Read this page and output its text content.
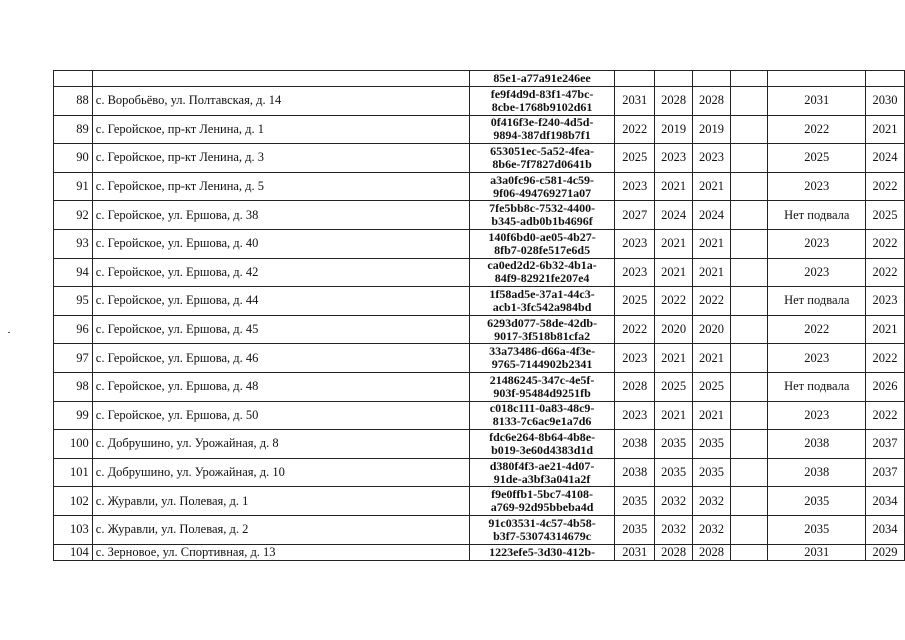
		85e1-a77a91e246ee						

88	с. Воробьёво, ул. Полтавская, д. 14	fe9f4d9d-83f1-47bc-
8cbe-1768b9102d61	2031	2028	2028		2031	2030
89	с. Геройское, пр-кт Ленина, д. 1	0f416f3e-f240-4d5d-
9894-387df198b7f1	2022	2019	2019		2022	2021
90	с. Геройское, пр-кт Ленина, д. 3	653051ec-5a52-4fea-
8b6e-7f7827d0641b	2025	2023	2023		2025	2024
91	с. Геройское, пр-кт Ленина, д. 5	a3a0fc96-c581-4c59-
9f06-494769271a07	2023	2021	2021		2023	2022
92	с. Геройское, ул. Ершова, д. 38	7fe5bb8c-7532-4400-
b345-adb0b1b4696f	2027	2024	2024		Нет подвала	2025
93	с. Геройское, ул. Ершова, д. 40	140f6bd0-ae05-4b27-
8fb7-028fe517e6d5	2023	2021	2021		2023	2022
94	с. Геройское, ул. Ершова, д. 42	ca0ed2d2-6b32-4b1a-
84f9-82921fe207e4	2023	2021	2021		2023	2022
95	с. Геройское, ул. Ершова, д. 44	1f58ad5e-37a1-44c3-
acb1-3fc542a984bd	2025	2022	2022		Нет подвала	2023
96	с. Геройское, ул. Ершова, д. 45	6293d077-58de-42db-
9017-3f518b81cfa2	2022	2020	2020		2022	2021
97	с. Геройское, ул. Ершова, д. 46	33a73486-d66a-4f3e-
9765-7144902b2341	2023	2021	2021		2023	2022
98	с. Геройское, ул. Ершова, д. 48	21486245-347c-4e5f-
903f-95484d9251fb	2028	2025	2025		Нет подвала	2026
99	с. Геройское, ул. Ершова, д. 50	c018c111-0a83-48c9-
8133-7c6ac9e1a7d6	2023	2021	2021		2023	2022
100	с. Добрушино, ул. Урожайная, д. 8	fdc6e264-8b64-4b8e-
b019-3e60d4383d1d	2038	2035	2035		2038	2037
101	с. Добрушино, ул. Урожайная, д. 10	d380f4f3-ae21-4d07-
91de-a3bf3a041a2f	2038	2035	2035		2038	2037
102	с. Журавли, ул. Полевая, д. 1	f9e0ffb1-5bc7-4108-
a769-92d95bbeba4d	2035	2032	2032		2035	2034
103	с. Журавли, ул. Полевая, д. 2	91c03531-4c57-4b58-
b3f7-53074314679c	2035	2032	2032		2035	2034
104	с. Зерновое, ул. Спортивная, д. 13	1223efe5-3d30-412b-	2031	2028	2028		2031	2029
